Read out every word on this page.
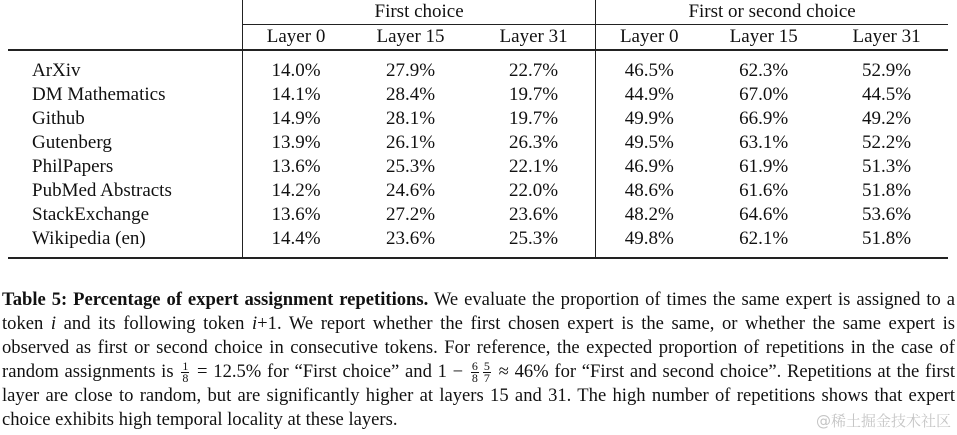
	First choice			First or second choice		
	Layer 0	Layer 15	Layer 31	Layer 0	Layer 15	Layer 31
ArXiv	14.0%	27.9%	22.7%	46.5%	62.3%	52.9%
DM Mathematics	14.1%	28.4%	19.7%	44.9%	67.0%	44.5%
Github	14.9%	28.1%	19.7%	49.9%	66.9%	49.2%
Gutenberg	13.9%	26.1%	26.3%	49.5%	63.1%	52.2%
PhilPapers	13.6%	25.3%	22.1%	46.9%	61.9%	51.3%
PubMed Abstracts	14.2%	24.6%	22.0%	48.6%	61.6%	51.8%
StackExchange	13.6%	27.2%	23.6%	48.2%	64.6%	53.6%
Wikipedia (en)	14.4%	23.6%	25.3%	49.8%	62.1%	51.8%
Table 5: Percentage of expert assignment repetitions. We evaluate the proportion of times the same expert is assigned to a token i and its following token i+1. We report whether the first chosen expert is the same, or whether the same expert is observed as first or second choice in consecutive tokens. For reference, the expected proportion of repetitions in the case of random assignments is $\frac{1}{8} = 12.5\%$ for “First choice” and $1 - \frac{6}{8} \frac{5}{7} \approx 46\%$ for “First and second choice”. Repetitions at the first layer are close to random, but are significantly higher at layers 15 and 31. The high number of repetitions shows that expert choice exhibits high temporal locality at these layers.	@稀土掘金技术社区
